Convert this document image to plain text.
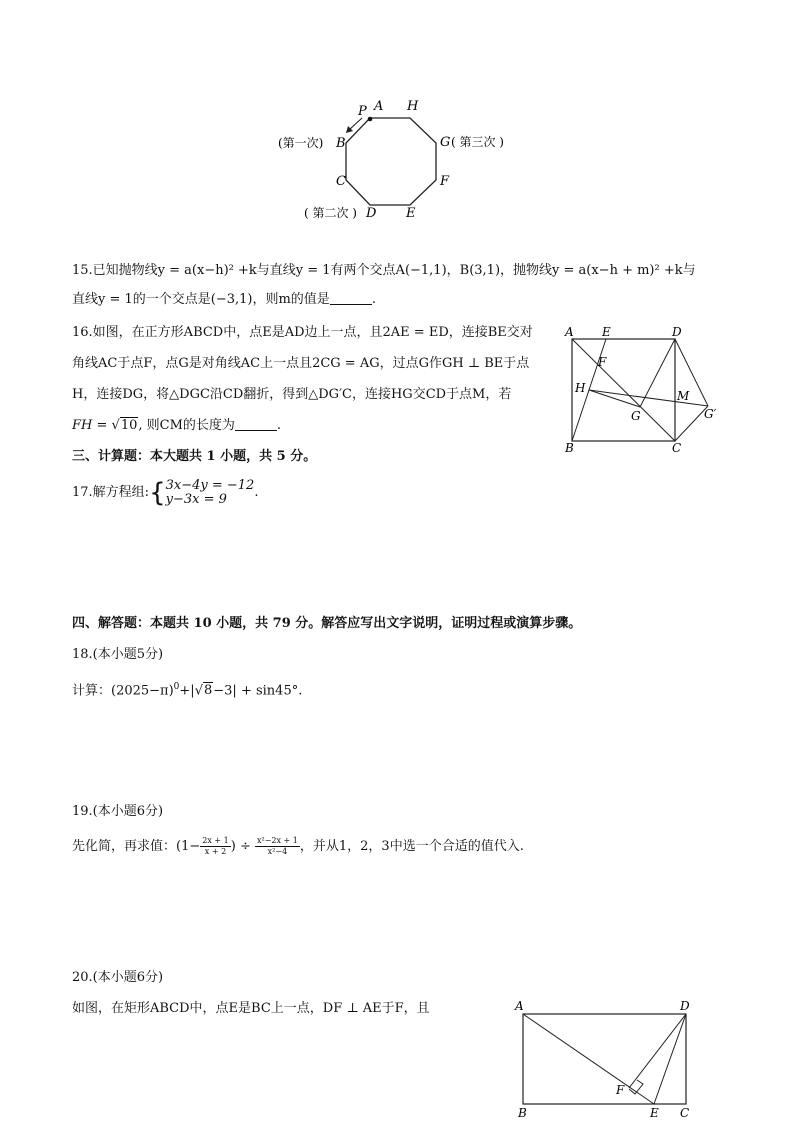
A H
P
G
F
E
D
C
B
(第一次)
( 第二次 )
( 第三次 )
15.已知抛物线y = a(x−h)² +k与直线y = 1有两个交点A(−1,1)，B(3,1)，抛物线y = a(x−h + m)² +k与
直线y = 1的一个交点是(−3,1)，则m的值是	.
16.如图，在正方形ABCD中，点E是AD边上一点，且2AE = ED，连接BE交对
角线AC于点F，点G是对角线AC上一点且2CG = AG，过点G作GH ⊥ BE于点
H，连接DG，将△DGC沿CD翻折，得到△DG′C，连接HG交CD于点M，若
FH = √10, 则CM的长度为	.
A E	D
F
H
M
G	G′
B	C
三、计算题：本大题共 1 小题，共 5 分。
17.解方程组:{ 3x−4y = −12
y−3x = 9	.
四、解答题：本题共 10 小题，共 79 分。解答应写出文字说明，证明过程或演算步骤。
18.(本小题5分)
计算：$(2025-\pi)^0+|√8-3| + \sin 45^\circ$.
19.(本小题6分)
先化简，再求值：($1- \frac{2x + 1}{x + 2}$ ) ÷ $\frac{\text{x²−2x + 1}}{\text{x²−4}}$ ，并从1，2，3中选一个合适的值代入.
20.(本小题6分)
如图，在矩形ABCD中，点E是BC上一点，DF ⊥ AE于F，且	A	D
F
B	E C
